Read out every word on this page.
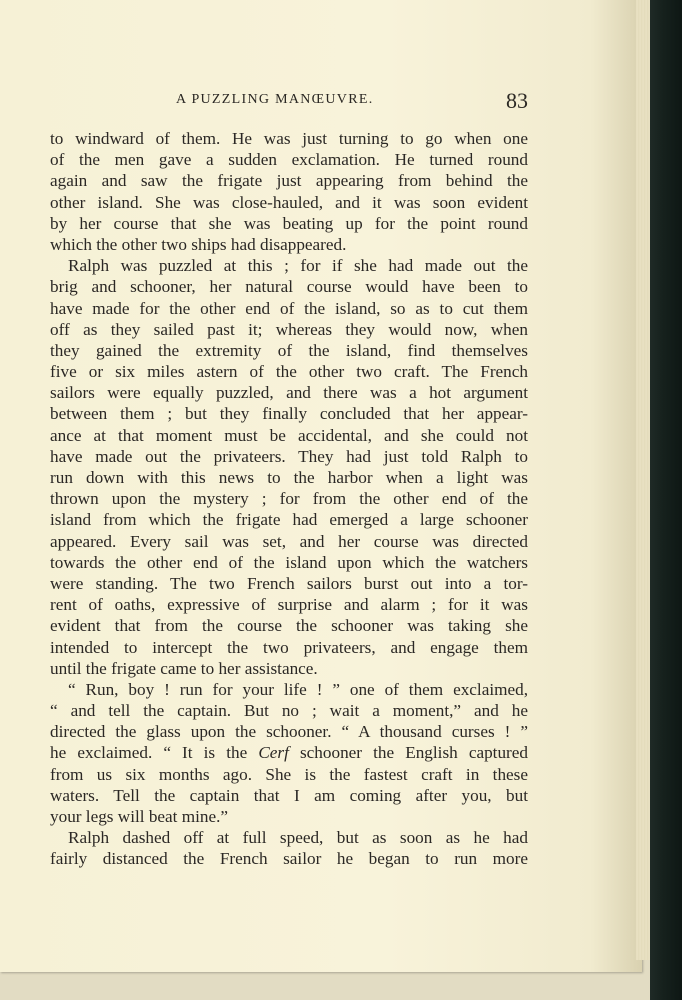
A PUZZLING MANŒUVRE.	83
to windward of them. He was just turning to go when one
of the men gave a sudden exclamation. He turned round
again and saw the frigate just appearing from behind the
other island. She was close-hauled, and it was soon evident
by her course that she was beating up for the point round
which the other two ships had disappeared.
Ralph was puzzled at this ; for if she had made out the
brig and schooner, her natural course would have been to
have made for the other end of the island, so as to cut them
off as they sailed past it; whereas they would now, when
they gained the extremity of the island, find themselves
five or six miles astern of the other two craft. The French
sailors were equally puzzled, and there was a hot argument
between them ; but they finally concluded that her appear-
ance at that moment must be accidental, and she could not
have made out the privateers. They had just told Ralph to
run down with this news to the harbor when a light was
thrown upon the mystery ; for from the other end of the
island from which the frigate had emerged a large schooner
appeared. Every sail was set, and her course was directed
towards the other end of the island upon which the watchers
were standing. The two French sailors burst out into a tor-
rent of oaths, expressive of surprise and alarm ; for it was
evident that from the course the schooner was taking she
intended to intercept the two privateers, and engage them
until the frigate came to her assistance.
“ Run, boy ! run for your life ! ” one of them exclaimed,
“ and tell the captain. But no ; wait a moment,” and he
directed the glass upon the schooner. “ A thousand curses ! ”
he exclaimed. “ It is the Cerf schooner the English captured
from us six months ago. She is the fastest craft in these
waters. Tell the captain that I am coming after you, but
your legs will beat mine.”
Ralph dashed off at full speed, but as soon as he had
fairly distanced the French sailor he began to run more
